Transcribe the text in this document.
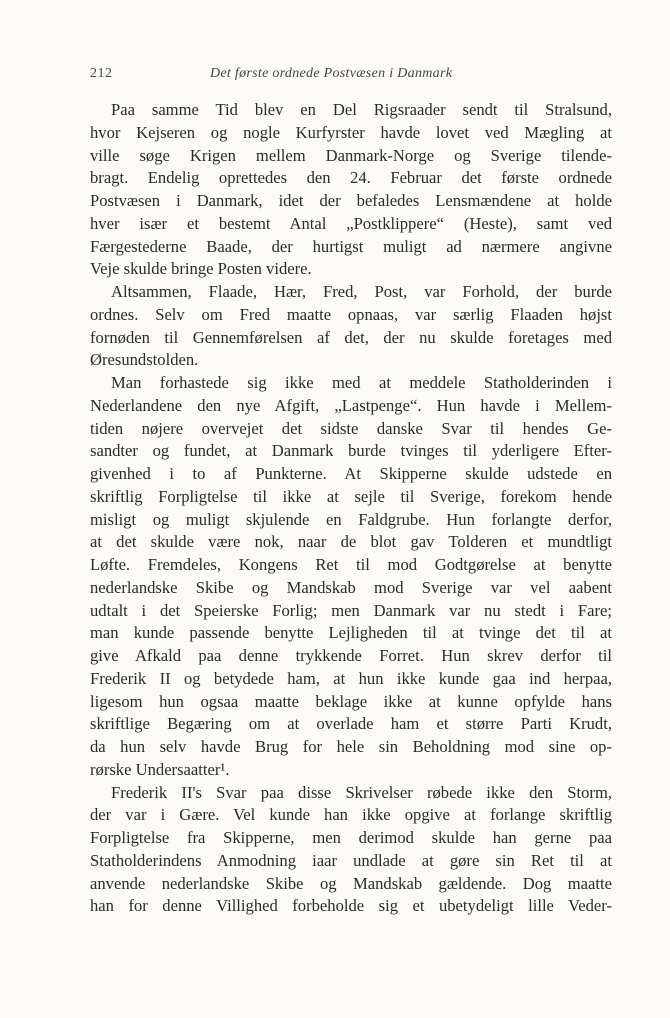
212	Det første ordnede Postvæsen i Danmark
Paa samme Tid blev en Del Rigsraader sendt til Stralsund,
hvor Kejseren og nogle Kurfyrster havde lovet ved Mægling at
ville søge Krigen mellem Danmark-Norge og Sverige tilende-
bragt. Endelig oprettedes den 24. Februar det første ordnede
Postvæsen i Danmark, idet der befaledes Lensmændene at holde
hver især et bestemt Antal „Postklippere“ (Heste), samt ved
Færgestederne Baade, der hurtigst muligt ad nærmere angivne
Veje skulde bringe Posten videre.
Altsammen, Flaade, Hær, Fred, Post, var Forhold, der burde
ordnes. Selv om Fred maatte opnaas, var særlig Flaaden højst
fornøden til Gennemførelsen af det, der nu skulde foretages med
Øresundstolden.
Man forhastede sig ikke med at meddele Statholderinden i
Nederlandene den nye Afgift, „Lastpenge“. Hun havde i Mellem-
tiden nøjere overvejet det sidste danske Svar til hendes Ge-
sandter og fundet, at Danmark burde tvinges til yderligere Efter-
givenhed i to af Punkterne. At Skipperne skulde udstede en
skriftlig Forpligtelse til ikke at sejle til Sverige, forekom hende
misligt og muligt skjulende en Faldgrube. Hun forlangte derfor,
at det skulde være nok, naar de blot gav Tolderen et mundtligt
Løfte. Fremdeles, Kongens Ret til mod Godtgørelse at benytte
nederlandske Skibe og Mandskab mod Sverige var vel aabent
udtalt i det Speierske Forlig; men Danmark var nu stedt i Fare;
man kunde passende benytte Lejligheden til at tvinge det til at
give Afkald paa denne trykkende Forret. Hun skrev derfor til
Frederik II og betydede ham, at hun ikke kunde gaa ind herpaa,
ligesom hun ogsaa maatte beklage ikke at kunne opfylde hans
skriftlige Begæring om at overlade ham et større Parti Krudt,
da hun selv havde Brug for hele sin Beholdning mod sine op-
rørske Undersaatter¹.
Frederik II's Svar paa disse Skrivelser røbede ikke den Storm,
der var i Gære. Vel kunde han ikke opgive at forlange skriftlig
Forpligtelse fra Skipperne, men derimod skulde han gerne paa
Statholderindens Anmodning iaar undlade at gøre sin Ret til at
anvende nederlandske Skibe og Mandskab gældende. Dog maatte
han for denne Villighed forbeholde sig et ubetydeligt lille Veder-
